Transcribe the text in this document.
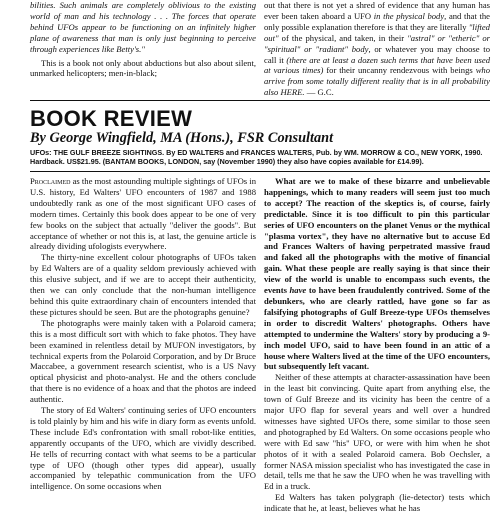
bilities. Such animals are completely oblivious to the existing world of man and his technology . . . The forces that operate behind UFOs appear to be functioning on an infinitely higher plane of awareness that man is only just beginning to perceive through experiences like Betty's."

This is a book not only about abductions but also about silent, unmarked helicopters; men-in-black;

out that there is not yet a shred of evidence that any human has ever been taken aboard a UFO in the physical body, and that the only possible explanation therefore is that they are literally "lifted out" of the physical, and taken, in their "astral" or "etheric" or "spiritual" or "radiant" body, or whatever you may choose to call it (there are at least a dozen such terms that have been used at various times) for their uncanny rendezvous with beings who arrive from some totally different reality that is in all probability also HERE. — G.C.

BOOK REVIEW
By George Wingfield, MA (Hons.), FSR Consultant
UFOs: THE GULF BREEZE SIGHTINGS. By ED WALTERS and FRANCES WALTERS, Pub. by WM. MORROW & CO., NEW YORK, 1990. Hardback. US$21.95. (BANTAM BOOKS, LONDON, say (November 1990) they also have copies available for £14.99).

Proclaimed as the most astounding multiple sightings of UFOs in U.S. history, Ed Walters' UFO encounters of 1987 and 1988 undoubtedly rank as one of the most significant UFO cases of modern times. Certainly this book does appear to be one of very few books on the subject that actually "deliver the goods". But acceptance of whether or not this is, at last, the genuine article is already dividing ufologists everywhere.

The thirty-nine excellent colour photographs of UFOs taken by Ed Walters are of a quality seldom previously achieved with this elusive subject, and if we are to accept their authenticity, then we can only conclude that the non-human intelligence behind this quite extraordinary chain of encounters intended that these pictures should be seen. But are the photographs genuine?

The photographs were mainly taken with a Polaroid camera; this is a most difficult sort with which to fake photos. They have been examined in relentless detail by MUFON investigators, by technical experts from the Polaroid Corporation, and by Dr Bruce Maccabee, a government research scientist, who is a US Navy optical physicist and photo-analyst. He and the others conclude that there is no evidence of a hoax and that the photos are indeed authentic.

The story of Ed Walters' continuing series of UFO encounters is told plainly by him and his wife in diary form as events unfold. These include Ed's confrontation with small robot-like entities, apparently occupants of the UFO, which are vividly described. He tells of recurring contact with what seems to be a particular type of UFO (though other types did appear), usually accompanied by telepathic communication from the UFO intelligence. On some occasions when

What are we to make of these bizarre and unbelievable happenings, which to many readers will seem just too much to accept? The reaction of the skeptics is, of course, fairly predictable. Since it is too difficult to pin this particular series of UFO encounters on the planet Venus or the mythical "plasma vortex", they have no alternative but to accuse Ed and Frances Walters of having perpetrated massive fraud and faked all the photographs with the motive of financial gain. What these people are really saying is that since their view of the world is unable to encompass such events, the events have to have been fraudulently contrived. Some of the debunkers, who are clearly rattled, have gone so far as falsifying photographs of Gulf Breeze-type UFOs themselves in order to discredit Walters' photographs. Others have attempted to undermine the Walters' story by producing a 9-inch model UFO, said to have been found in an attic of a house where Walters lived at the time of the UFO encounters, but subsequently left vacant.

Neither of these attempts at character-assassination have been in the least bit convincing. Quite apart from anything else, the town of Gulf Breeze and its vicinity has been the centre of a major UFO flap for several years and well over a hundred witnesses have sighted UFOs there, some similar to those seen and photographed by Ed Walters. On some occasions people who were with Ed saw "his" UFO, or were with him when he shot photos of it with a sealed Polaroid camera. Bob Oechsler, a former NASA mission specialist who has investigated the case in detail, tells me that he saw the UFO when he was travelling with Ed in a truck.

Ed Walters has taken polygraph (lie-detector) tests which indicate that he, at least, believes what he has
